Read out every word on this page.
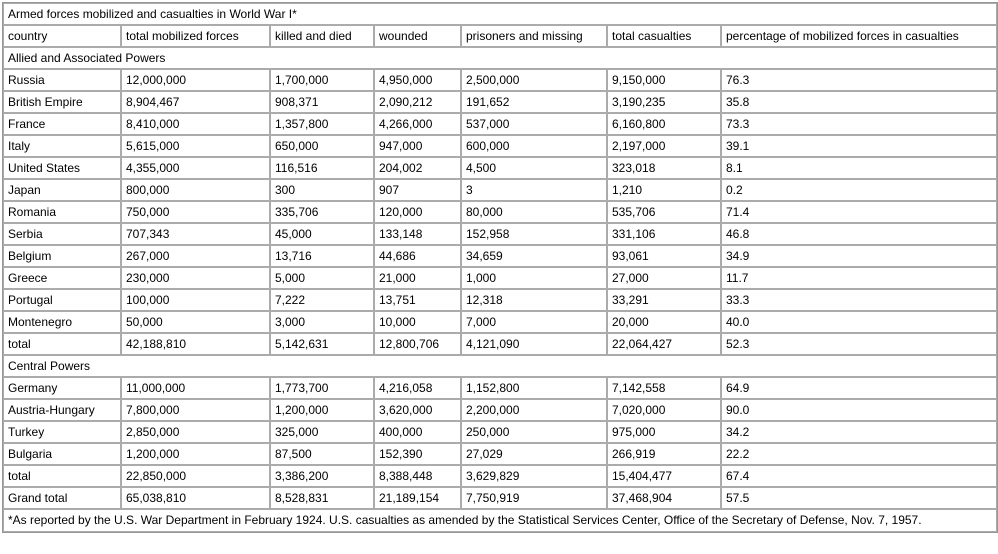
Armed forces mobilized and casualties in World War I*						
country	total mobilized forces	killed and died	wounded	prisoners and missing	total casualties	percentage of mobilized forces in casualties
Allied and Associated Powers						
Russia	12,000,000	1,700,000	4,950,000	2,500,000	9,150,000	76.3
British Empire	8,904,467	908,371	2,090,212	191,652	3,190,235	35.8
France	8,410,000	1,357,800	4,266,000	537,000	6,160,800	73.3
Italy	5,615,000	650,000	947,000	600,000	2,197,000	39.1
United States	4,355,000	116,516	204,002	4,500	323,018	8.1
Japan	800,000	300	907	3	1,210	0.2
Romania	750,000	335,706	120,000	80,000	535,706	71.4
Serbia	707,343	45,000	133,148	152,958	331,106	46.8
Belgium	267,000	13,716	44,686	34,659	93,061	34.9
Greece	230,000	5,000	21,000	1,000	27,000	11.7
Portugal	100,000	7,222	13,751	12,318	33,291	33.3
Montenegro	50,000	3,000	10,000	7,000	20,000	40.0
total	42,188,810	5,142,631	12,800,706	4,121,090	22,064,427	52.3
Central Powers						
Germany	11,000,000	1,773,700	4,216,058	1,152,800	7,142,558	64.9
Austria-Hungary	7,800,000	1,200,000	3,620,000	2,200,000	7,020,000	90.0
Turkey	2,850,000	325,000	400,000	250,000	975,000	34.2
Bulgaria	1,200,000	87,500	152,390	27,029	266,919	22.2
total	22,850,000	3,386,200	8,388,448	3,629,829	15,404,477	67.4
Grand total	65,038,810	8,528,831	21,189,154	7,750,919	37,468,904	57.5
*As reported by the U.S. War Department in February 1924. U.S. casualties as amended by the Statistical Services Center, Office of the Secretary of Defense, Nov. 7, 1957.						
